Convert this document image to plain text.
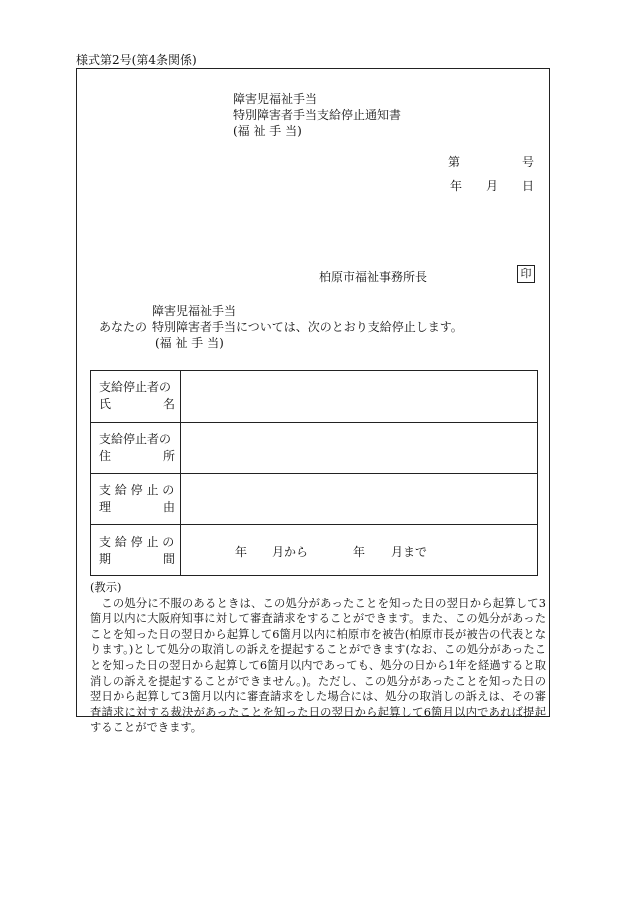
様式第2号(第4条関係)
障害児福祉手当
特別障害者手当支給停止通知書
(福 祉 手 当)
第	号
年 月 日
柏原市福祉事務所長	印
障害児福祉手当
あなたの 特別障害者手当については、次のとおり支給停止します。
(福 祉 手 当)
支給停止者の
氏	名
支給停止者の
住	所
支 給 停 止 の
理	由
支 給 停 止 の
期	間	年 月から	年 月まで
(教示)

この処分に不服のあるときは、この処分があったことを知った日の翌日から起算して3箇月以内に大阪府知事に対して審査請求をすることができます。また、この処分があったことを知った日の翌日から起算して6箇月以内に柏原市を被告(柏原市長が被告の代表となります。)として処分の取消しの訴えを提起することができます(なお、この処分があったことを知った日の翌日から起算して6箇月以内であっても、処分の日から1年を経過すると取消しの訴えを提起することができません。)。ただし、この処分があったことを知った日の翌日から起算して3箇月以内に審査請求をした場合には、処分の取消しの訴えは、その審査請求に対する裁決があったことを知った日の翌日から起算して6箇月以内であれば提起することができます。
